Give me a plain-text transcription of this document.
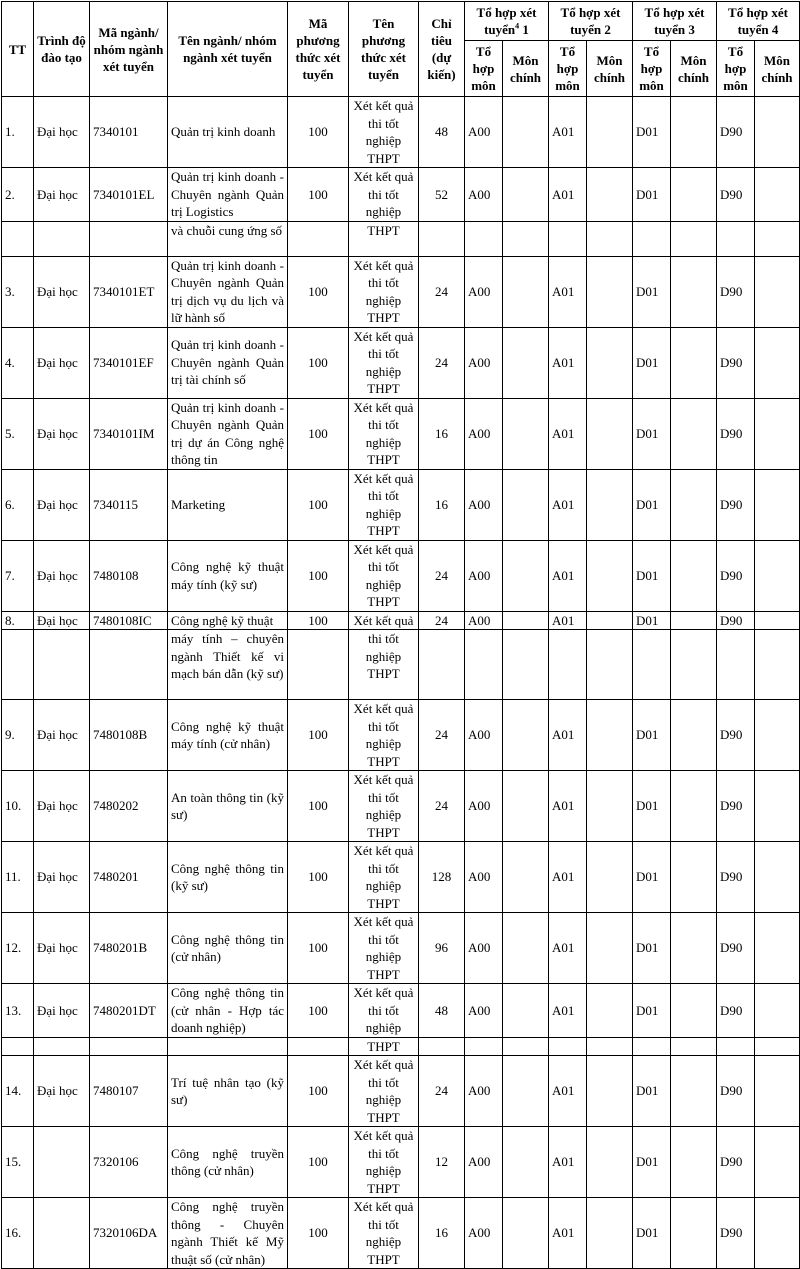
TT	Trình độ đào tạo	Mã ngành/ nhóm ngành xét tuyển	Tên ngành/ nhóm ngành xét tuyển	Mã phương thức xét tuyển	Tên phương thức xét tuyển	Chỉ tiêu (dự kiến)	Tổ hợp xét tuyển$^4$ 1		Tổ hợp xét tuyển 2		Tổ hợp xét tuyển 3		Tổ hợp xét tuyển 4	
							Tổ hợp môn	Môn chính	Tổ hợp môn	Môn chính	Tổ hợp môn	Môn chính	Tổ hợp môn	Môn chính
1.	Đại học	7340101	Quản trị kinh doanh	100	Xét kết quả thi tốt nghiệp THPT	48	A00		A01		D01		D90	
2.	Đại học	7340101EL	Quản trị kinh doanh - Chuyên ngành Quản trị Logistics	100	Xét kết quả thi tốt nghiệp	52	A00		A01		D01		D90	
			và chuỗi cung ứng số		THPT									
3.	Đại học	7340101ET	Quản trị kinh doanh - Chuyên ngành Quản trị dịch vụ du lịch và lữ hành số	100	Xét kết quả thi tốt nghiệp THPT	24	A00		A01		D01		D90	
4.	Đại học	7340101EF	Quản trị kinh doanh - Chuyên ngành Quản trị tài chính số	100	Xét kết quả thi tốt nghiệp THPT	24	A00		A01		D01		D90	
5.	Đại học	7340101IM	Quản trị kinh doanh - Chuyên ngành Quản trị dự án Công nghệ thông tin	100	Xét kết quả thi tốt nghiệp THPT	16	A00		A01		D01		D90	
6.	Đại học	7340115	Marketing	100	Xét kết quả thi tốt nghiệp THPT	16	A00		A01		D01		D90	
7.	Đại học	7480108	Công nghệ kỹ thuật máy tính (kỹ sư)	100	Xét kết quả thi tốt nghiệp THPT	24	A00		A01		D01		D90	
8.	Đại học	7480108IC	Công nghệ kỹ thuật	100	Xét kết quả	24	A00		A01		D01		D90	
			máy tính – chuyên ngành Thiết kế vi mạch bán dẫn (kỹ sư)		thi tốt nghiệp THPT									
9.	Đại học	7480108B	Công nghệ kỹ thuật máy tính (cử nhân)	100	Xét kết quả thi tốt nghiệp THPT	24	A00		A01		D01		D90	
10.	Đại học	7480202	An toàn thông tin (kỹ sư)	100	Xét kết quả thi tốt nghiệp THPT	24	A00		A01		D01		D90	
11.	Đại học	7480201	Công nghệ thông tin (kỹ sư)	100	Xét kết quả thi tốt nghiệp THPT	128	A00		A01		D01		D90	
12.	Đại học	7480201B	Công nghệ thông tin (cử nhân)	100	Xét kết quả thi tốt nghiệp THPT	96	A00		A01		D01		D90	
13.	Đại học	7480201DT	Công nghệ thông tin (cử nhân - Hợp tác doanh nghiệp)	100	Xét kết quả thi tốt nghiệp	48	A00		A01		D01		D90	
					THPT									
14.	Đại học	7480107	Trí tuệ nhân tạo (kỹ sư)	100	Xét kết quả thi tốt nghiệp THPT	24	A00		A01		D01		D90	
15.		7320106	Công nghệ truyền thông (cử nhân)	100	Xét kết quả thi tốt nghiệp THPT	12	A00		A01		D01		D90	
16.		7320106DA	Công nghệ truyền thông - Chuyên ngành Thiết kế Mỹ thuật số (cử nhân)	100	Xét kết quả thi tốt nghiệp THPT	16	A00		A01		D01		D90	
